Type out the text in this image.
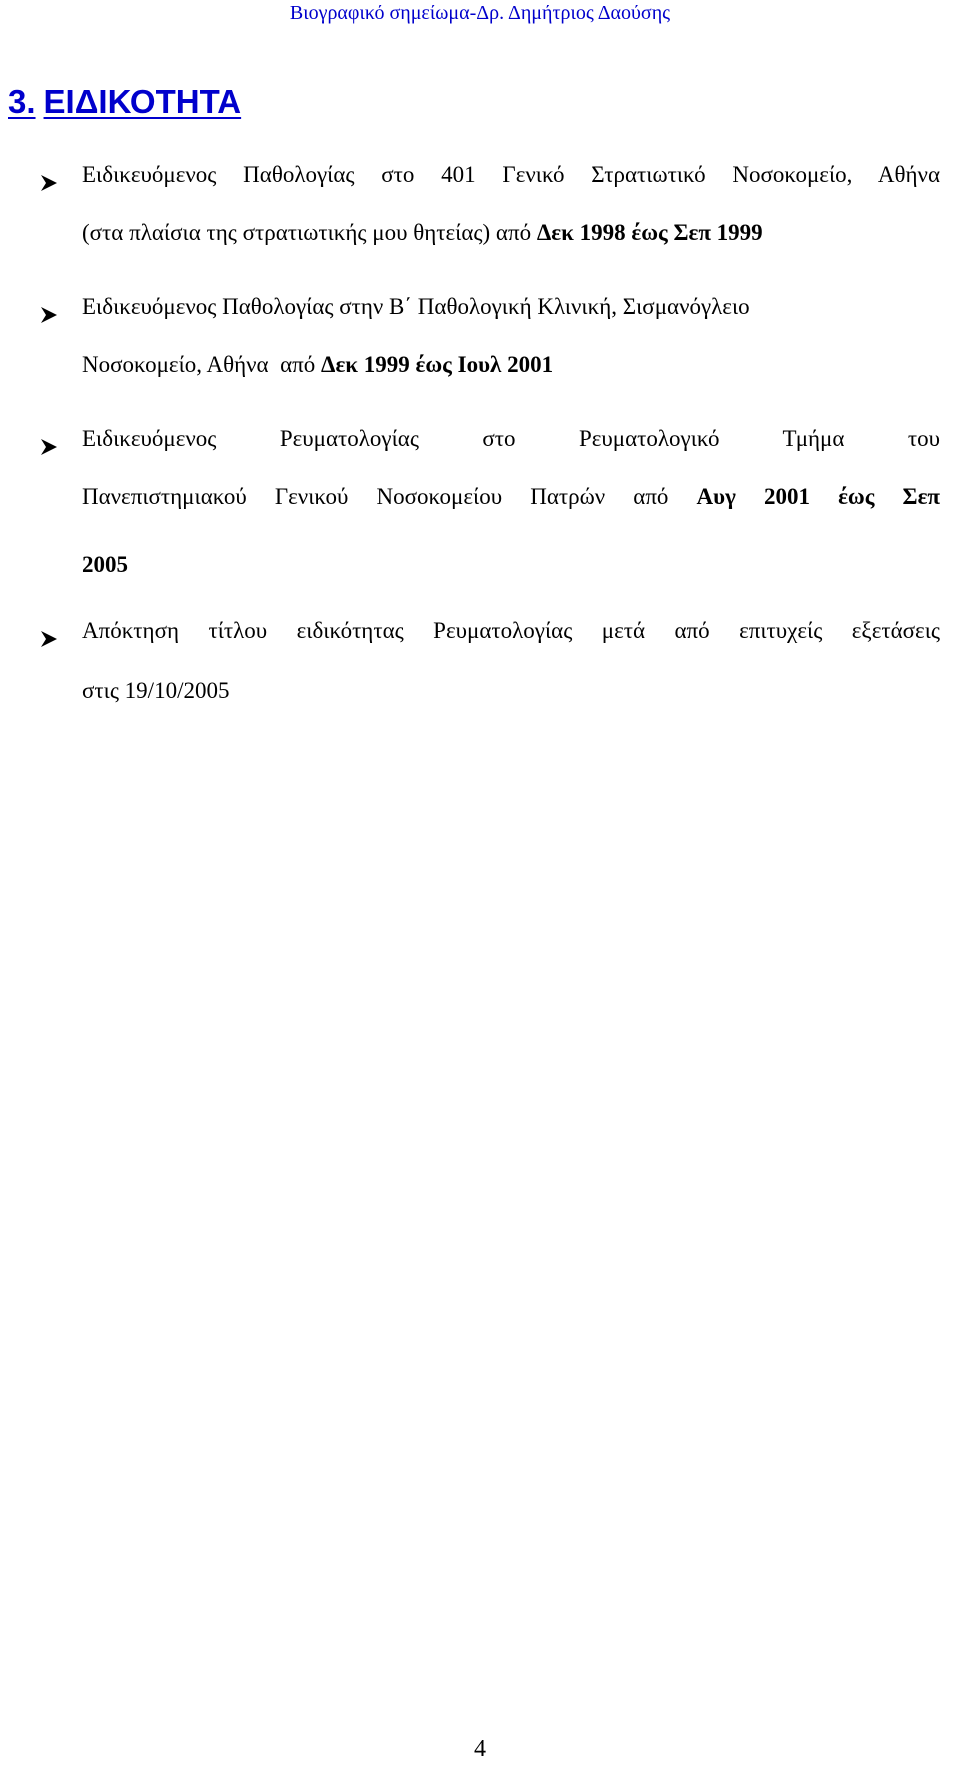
Βιογραφικό σημείωμα-Δρ. Δημήτριος Δαούσης
3. ΕΙΔΙΚΟΤΗΤΑ
Ειδικευόμενος Παθολογίας στο 401 Γενικό Στρατιωτικό Νοσοκομείο, Αθήνα
(στα πλαίσια της στρατιωτικής μου θητείας) από Δεκ 1998 έως Σεπ 1999
Ειδικευόμενος Παθολογίας στην Β΄ Παθολογική Κλινική, Σισμανόγλειο
Νοσοκομείο, Αθήνα  από Δεκ 1999 έως Ιουλ 2001
Ειδικευόμενος Ρευματολογίας στο Ρευματολογικό Τμήμα του
Πανεπιστημιακού Γενικού Νοσοκομείου Πατρών από Αυγ 2001 έως Σεπ
2005
Απόκτηση τίτλου ειδικότητας Ρευματολογίας μετά από επιτυχείς εξετάσεις
στις 19/10/2005
4
